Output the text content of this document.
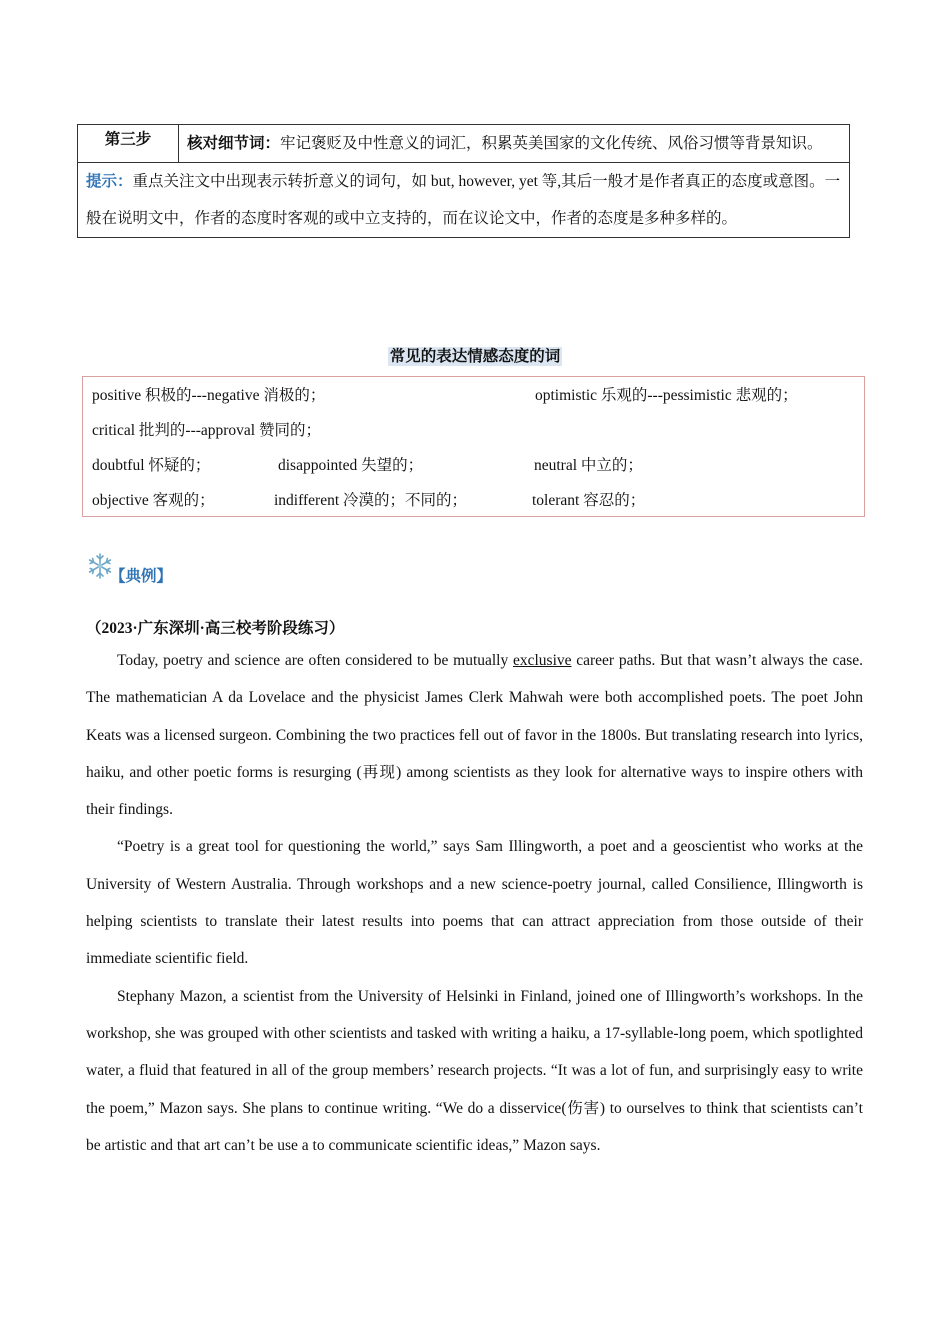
第三步	核对细节词：牢记褒贬及中性意义的词汇，积累英美国家的文化传统、风俗习惯等背景知识。
提示：重点关注文中出现表示转折意义的词句，如 but, however, yet 等,其后一般才是作者真正的态度或意图。一般在说明文中，作者的态度时客观的或中立支持的，而在议论文中，作者的态度是多种多样的。
常见的表达情感态度的词
positive 积极的---negative 消极的；	optimistic 乐观的---pessimistic 悲观的；
critical 批判的---approval 赞同的；
doubtful 怀疑的；	disappointed 失望的；	neutral 中立的；
objective 客观的；	indifferent 冷漠的；不同的；	tolerant 容忍的；
【典例】
（2023·广东深圳·高三校考阶段练习）

Today, poetry and science are often considered to be mutually exclusive career paths. But that wasn’t always the case. The mathematician A da Lovelace and the physicist James Clerk Mahwah were both accomplished poets. The poet John Keats was a licensed surgeon. Combining the two practices fell out of favor in the 1800s. But translating research into lyrics, haiku, and other poetic forms is resurging (再现) among scientists as they look for alternative ways to inspire others with their findings.

“Poetry is a great tool for questioning the world,” says Sam Illingworth, a poet and a geoscientist who works at the University of Western Australia. Through workshops and a new science-poetry journal, called Consilience, Illingworth is helping scientists to translate their latest results into poems that can attract appreciation from those outside of their immediate scientific field.

Stephany Mazon, a scientist from the University of Helsinki in Finland, joined one of Illingworth’s workshops. In the workshop, she was grouped with other scientists and tasked with writing a haiku, a 17-syllable-long poem, which spotlighted water, a fluid that featured in all of the group members’ research projects. “It was a lot of fun, and surprisingly easy to write the poem,” Mazon says. She plans to continue writing. “We do a disservice(伤害) to ourselves to think that scientists can’t be artistic and that art can’t be use a to communicate scientific ideas,” Mazon says.
